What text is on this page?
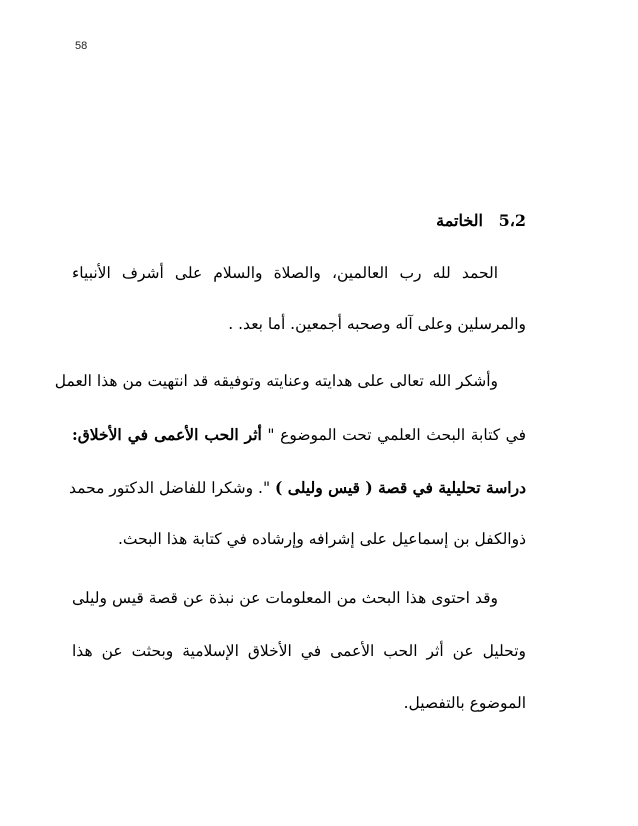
58
5،2 الخاتمة
الحمد لله رب العالمين، والصلاة والسلام على أشرف الأنبياء
والمرسلين وعلى آله وصحبه أجمعين. أما بعد. .
وأشكر الله تعالى على هدايته وعنايته وتوفيقه قد انتهيت من هذا العمل
في كتابة البحث العلمي تحت الموضوع " أثر الحب الأعمى في الأخلاق:
دراسة تحليلية في قصة ( قيس وليلى ) ". وشكرا للفاضل الدكتور محمد
ذوالكفل بن إسماعيل على إشرافه وإرشاده في كتابة هذا البحث.
وقد احتوى هذا البحث من المعلومات عن نبذة عن قصة قيس وليلى
وتحليل عن أثر الحب الأعمى في الأخلاق الإسلامية وبحثت عن هذا
الموضوع بالتفصيل.
